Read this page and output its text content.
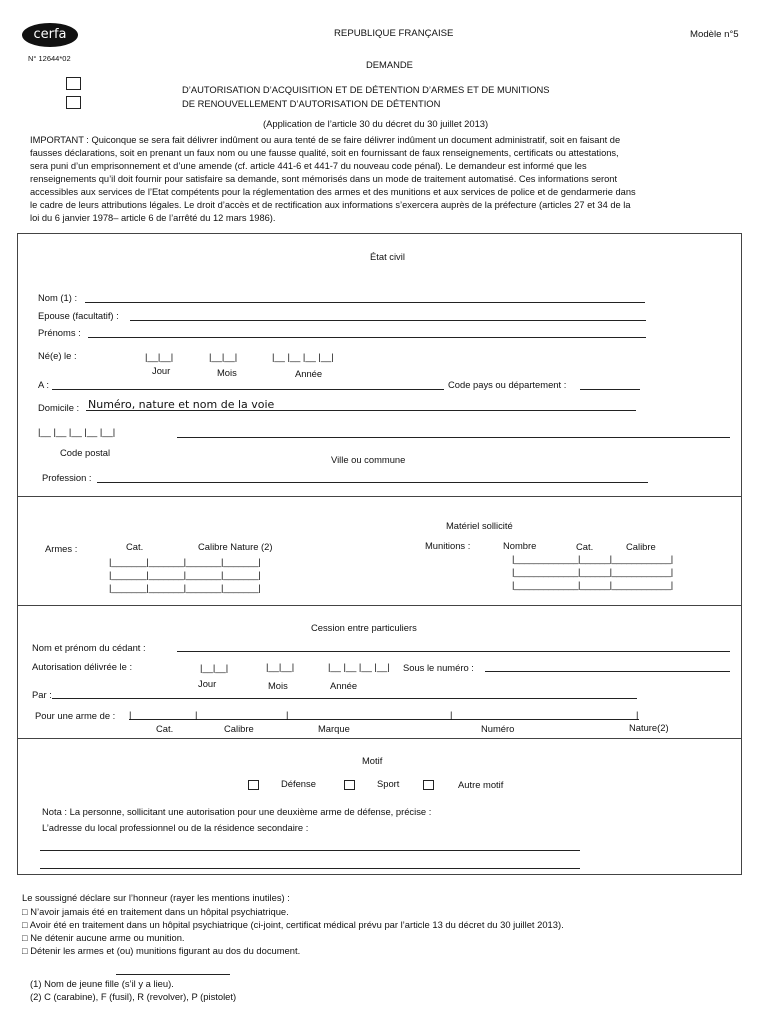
cerfa
N° 12644*02
REPUBLIQUE FRANÇAISE	Modèle n°5
DEMANDE
D’AUTORISATION D’ACQUISITION ET DE DÉTENTION D’ARMES ET DE MUNITIONS
DE RENOUVELLEMENT D’AUTORISATION DE DÉTENTION
(Application de l’article 30 du décret du 30 juillet 2013)
IMPORTANT : Quiconque se sera fait délivrer indûment ou aura tenté de se faire délivrer indûment un document administratif, soit en faisant de
fausses déclarations, soit en prenant un faux nom ou une fausse qualité, soit en fournissant de faux renseignements, certificats ou attestations,
sera puni d’un emprisonnement et d’une amende (cf. article 441-6 et 441-7 du nouveau code pénal). Le demandeur est informé que les
renseignements qu’il doit fournir pour satisfaire sa demande, sont mémorisés dans un mode de traitement automatisé. Ces informations seront
accessibles aux services de l’Etat compétents pour la réglementation des armes et des munitions et aux services de police et de gendarmerie dans
le cadre de leurs attributions légales. Le droit d’accès et de rectification aux informations s’exercera auprès de la préfecture (articles 27 et 34 de la
loi du 6 janvier 1978– article 6 de l’arrêté du 12 mars 1986).
État civil
Nom (1) :
Epouse (facultatif) :
Prénoms :
Né(e) le :	|__|__|	|__|__|	|__ |__ |__ |__|
Jour	Mois	Année
A :	Code pays ou département :
Domicile : Numéro, nature et nom de la voie
|__ |__ |__ |__ |__|
Code postal
Ville ou commune
Profession :
Matériel sollicité
Armes :	Cat.	Calibre Nature (2)
|_______|_______|_______|_______|
|_______|_______|_______|_______|
|_______|_______|_______|_______|
Munitions :	Nombre	Cat.	Calibre
|_____________|______|____________|
|_____________|______|____________|
|_____________|______|____________|
Cession entre particuliers
Nom et prénom du cédant :
Autorisation délivrée le :	|__|__|	|__|__|	|__ |__ |__ |__| Sous le numéro :
Jour	Mois	Année
Par :
Pour une arme de : |	|	|	|	|
Cat.	Calibre	Marque	Numéro	Nature(2)
Motif
Défense	Sport	Autre motif
Nota : La personne, sollicitant une autorisation pour une deuxième arme de défense, précise :
L’adresse du local professionnel ou de la résidence secondaire :
Le soussigné déclare sur l’honneur (rayer les mentions inutiles) :
□ N’avoir jamais été en traitement dans un hôpital psychiatrique.
□ Avoir été en traitement dans un hôpital psychiatrique (ci-joint, certificat médical prévu par l’article 13 du décret du 30 juillet 2013).
□ Ne détenir aucune arme ou munition.
□ Détenir les armes et (ou) munitions figurant au dos du document.
(1) Nom de jeune fille (s’il y a lieu).
(2) C (carabine), F (fusil), R (revolver), P (pistolet)
